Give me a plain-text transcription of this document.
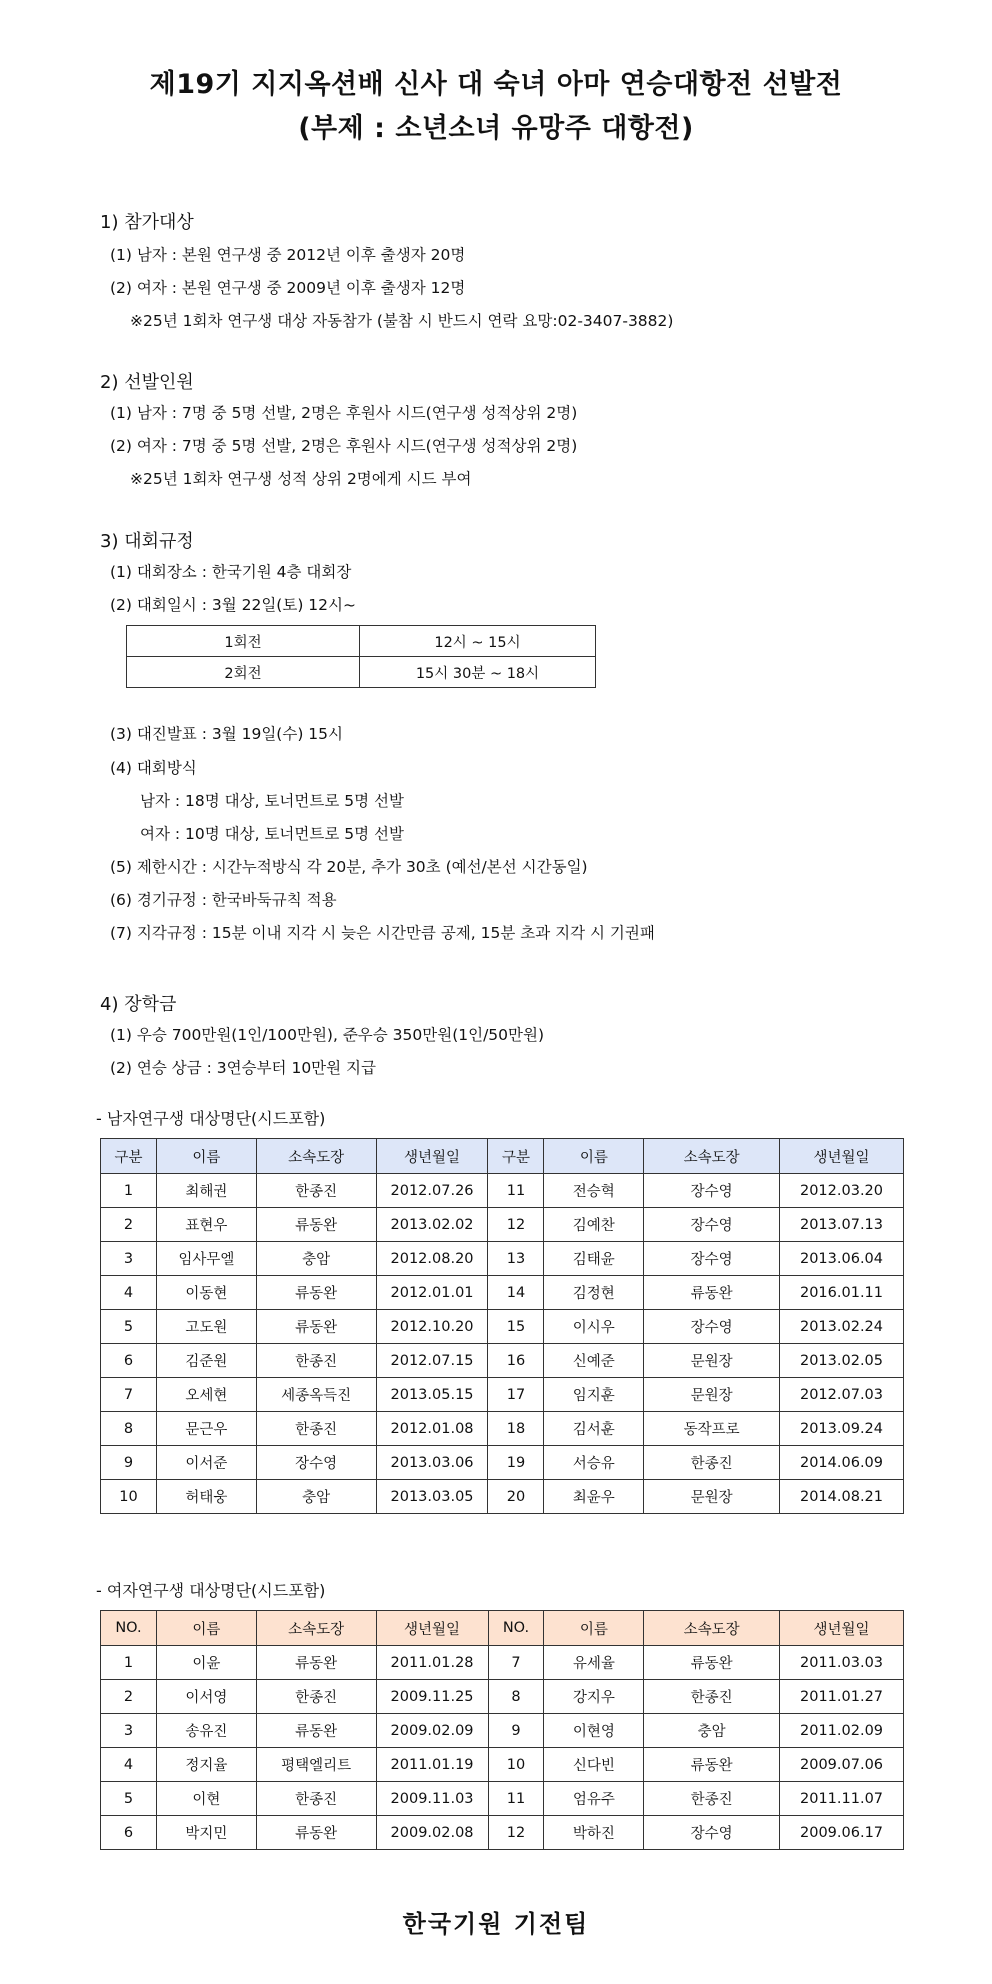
제19기 지지옥션배 신사 대 숙녀 아마 연승대항전 선발전
(부제 : 소년소녀 유망주 대항전)
1) 참가대상
(1) 남자 : 본원 연구생 중 2012년 이후 출생자 20명
(2) 여자 : 본원 연구생 중 2009년 이후 출생자 12명
※25년 1회차 연구생 대상 자동참가 (불참 시 반드시 연락 요망:02-3407-3882)
2) 선발인원
(1) 남자 : 7명 중 5명 선발, 2명은 후원사 시드(연구생 성적상위 2명)
(2) 여자 : 7명 중 5명 선발, 2명은 후원사 시드(연구생 성적상위 2명)
※25년 1회차 연구생 성적 상위 2명에게 시드 부여
3) 대회규정
(1) 대회장소 : 한국기원 4층 대회장
(2) 대회일시 : 3월 22일(토) 12시~
1회전	12시 ~ 15시
2회전	15시 30분 ~ 18시
(3) 대진발표 : 3월 19일(수) 15시
(4) 대회방식
남자 : 18명 대상, 토너먼트로 5명 선발
여자 : 10명 대상, 토너먼트로 5명 선발
(5) 제한시간 : 시간누적방식 각 20분, 추가 30초 (예선/본선 시간동일)
(6) 경기규정 : 한국바둑규칙 적용
(7) 지각규정 : 15분 이내 지각 시 늦은 시간만큼 공제, 15분 초과 지각 시 기권패
4) 장학금
(1) 우승 700만원(1인/100만원), 준우승 350만원(1인/50만원)
(2) 연승 상금 : 3연승부터 10만원 지급
- 남자연구생 대상명단(시드포함)
구분	이름	소속도장	생년월일	구분	이름	소속도장	생년월일
1	최해권	한종진	2012.07.26	11	전승혁	장수영	2012.03.20
2	표현우	류동완	2013.02.02	12	김예찬	장수영	2013.07.13
3	임사무엘	충암	2012.08.20	13	김태윤	장수영	2013.06.04
4	이동현	류동완	2012.01.01	14	김정현	류동완	2016.01.11
5	고도원	류동완	2012.10.20	15	이시우	장수영	2013.02.24
6	김준원	한종진	2012.07.15	16	신예준	문원장	2013.02.05
7	오세현	세종옥득진	2013.05.15	17	임지훈	문원장	2012.07.03
8	문근우	한종진	2012.01.08	18	김서훈	동작프로	2013.09.24
9	이서준	장수영	2013.03.06	19	서승유	한종진	2014.06.09
10	허태웅	충암	2013.03.05	20	최윤우	문원장	2014.08.21
- 여자연구생 대상명단(시드포함)
NO.	이름	소속도장	생년월일	NO.	이름	소속도장	생년월일
1	이윤	류동완	2011.01.28	7	유세율	류동완	2011.03.03
2	이서영	한종진	2009.11.25	8	강지우	한종진	2011.01.27
3	송유진	류동완	2009.02.09	9	이현영	충암	2011.02.09
4	정지율	평택엘리트	2011.01.19	10	신다빈	류동완	2009.07.06
5	이현	한종진	2009.11.03	11	엄유주	한종진	2011.11.07
6	박지민	류동완	2009.02.08	12	박하진	장수영	2009.06.17
한국기원 기전팀
